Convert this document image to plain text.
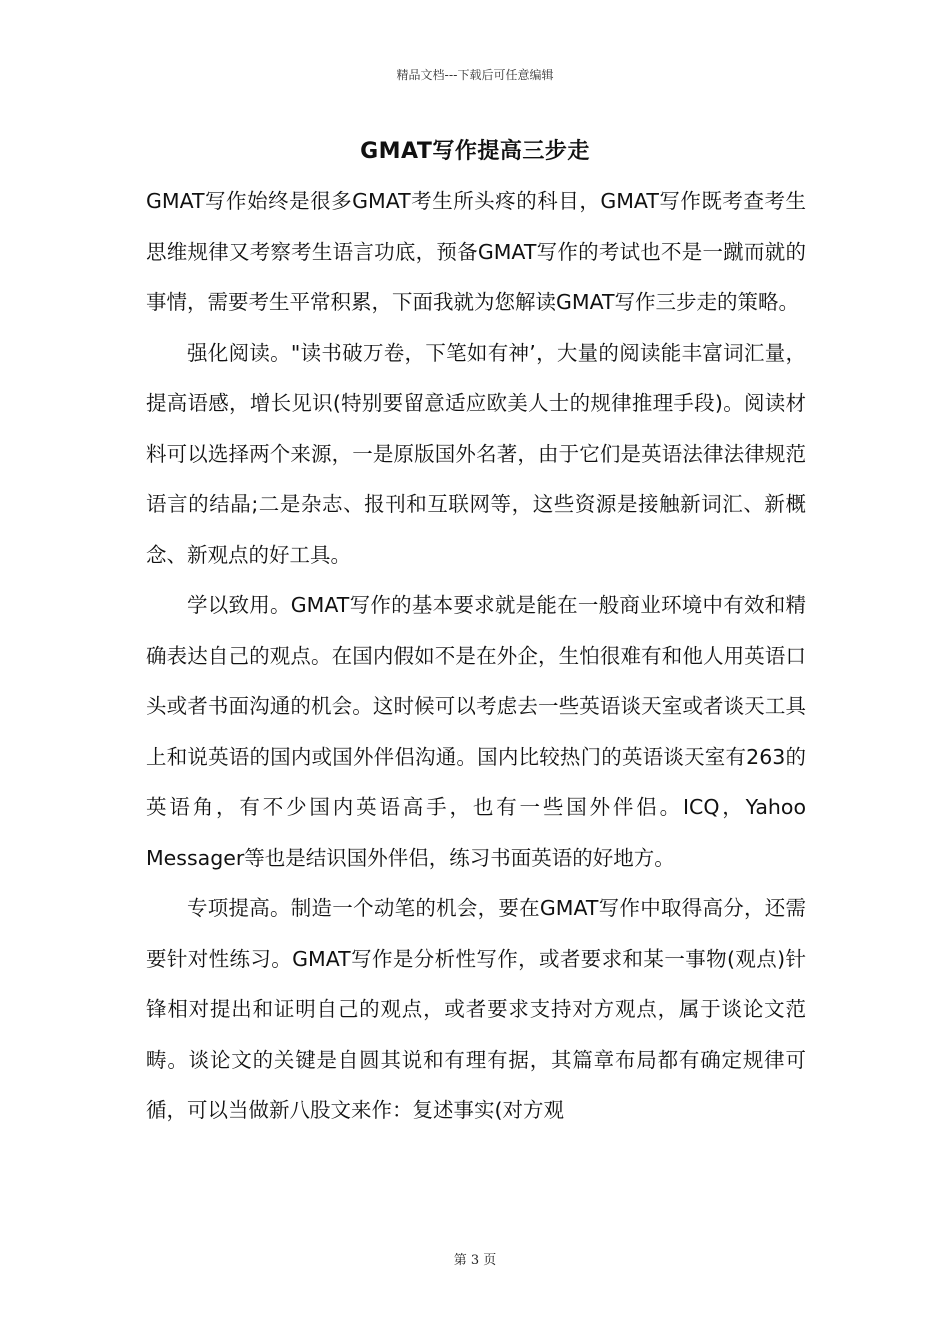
精品文档---下载后可任意编辑
GMAT写作提高三步走

GMAT写作始终是很多GMAT考生所头疼的科目，GMAT写作既考查考生思维规律又考察考生语言功底，预备GMAT写作的考试也不是一蹴而就的事情，需要考生平常积累，下面我就为您解读GMAT写作三步走的策略。

强化阅读。"读书破万卷，下笔如有神’，大量的阅读能丰富词汇量，提高语感，增长见识(特别要留意适应欧美人士的规律推理手段)。阅读材料可以选择两个来源，一是原版国外名著，由于它们是英语法律法律规范语言的结晶;二是杂志、报刊和互联网等，这些资源是接触新词汇、新概念、新观点的好工具。

学以致用。GMAT写作的基本要求就是能在一般商业环境中有效和精确表达自己的观点。在国内假如不是在外企，生怕很难有和他人用英语口头或者书面沟通的机会。这时候可以考虑去一些英语谈天室或者谈天工具上和说英语的国内或国外伴侣沟通。国内比较热门的英语谈天室有263的英语角，有不少国内英语高手，也有一些国外伴侣。ICQ，Yahoo Messager等也是结识国外伴侣，练习书面英语的好地方。

专项提高。制造一个动笔的机会，要在GMAT写作中取得高分，还需要针对性练习。GMAT写作是分析性写作，或者要求和某一事物(观点)针锋相对提出和证明自己的观点，或者要求支持对方观点，属于谈论文范畴。谈论文的关键是自圆其说和有理有据，其篇章布局都有确定规律可循，可以当做新八股文来作：复述事实(对方观

第 3 页
